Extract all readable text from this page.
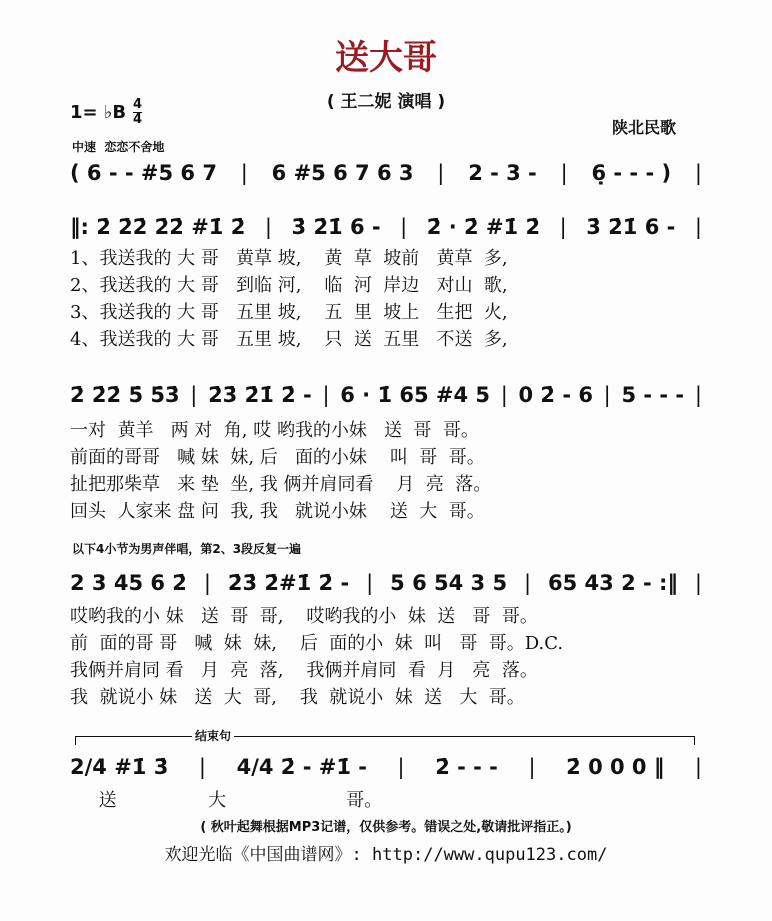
送大哥
( 王二妮 演唱 )
1= ♭B 4
4	陕北民歌
中速  恋恋不舍地
( 6 - - #5 6 7 | 6 #5 6 7 6 3 | 2 - 3 - | 6̣ - - - ) |
‖: 2̇ 2̇2̇ 2̇2̇ #1̇ 2̇ | 3̇ 2̇1̇ 6 - | 2̇ · 2̇ #1̇ 2̇ | 3̇ 2̇1̇ 6 - |
1、我送我的 大 哥   黄草 坡,    黄  草  坡前   黄草  多,
2、我送我的 大 哥   到临 河,    临  河  岸边   对山  歌,
3、我送我的 大 哥   五里 坡,    五  里  坡上   生把  火,
4、我送我的 大 哥   五里 坡,    只  送  五里   不送  多,
2̇ 2̇2̇ 5̇ 5̇3̇ | 2̇3̇ 2̇1̇ 2̇ - | 6 · 1̇ 65 #4 5 | 0 2̇ - 6 | 5 - - - |
一对  黄羊   两 对  角, 哎 哟我的小妹   送  哥  哥。
前面的哥哥   喊 妹  妹, 后   面的小妹    叫  哥  哥。
扯把那柴草   来 垫  坐, 我 俩并肩同看    月  亮  落。
回头  人家来 盘 问  我, 我   就说小妹    送  大  哥。
以下4小节为男声伴唱，第2、3段反复一遍
2 3 45 6 2̇ | 2̇3̇ 2̇#1̇ 2̇ - | 5 6 54 3 5 | 65 43 2 - :‖ |
哎哟我的小 妹   送  哥  哥,    哎哟我的小  妹  送   哥  哥。
前  面的哥 哥   喊  妹  妹,    后  面的小  妹  叫   哥  哥。D.C.
我俩并肩同 看   月  亮  落,    我俩并肩同  看  月   亮  落。
我  就说小 妹   送  大  哥,    我  就说小  妹  送   大  哥。
结束句
2/4 #1̇ 3̇ | 4/4 2̇ - #1̇ - | 2̇ - - - | 2̇ 0 0 0 ‖ |
送                大                     哥。
( 秋叶起舞根据MP3记谱，仅供参考。错误之处,敬请批评指正。)
欢迎光临《中国曲谱网》: http://www.qupu123.com/
